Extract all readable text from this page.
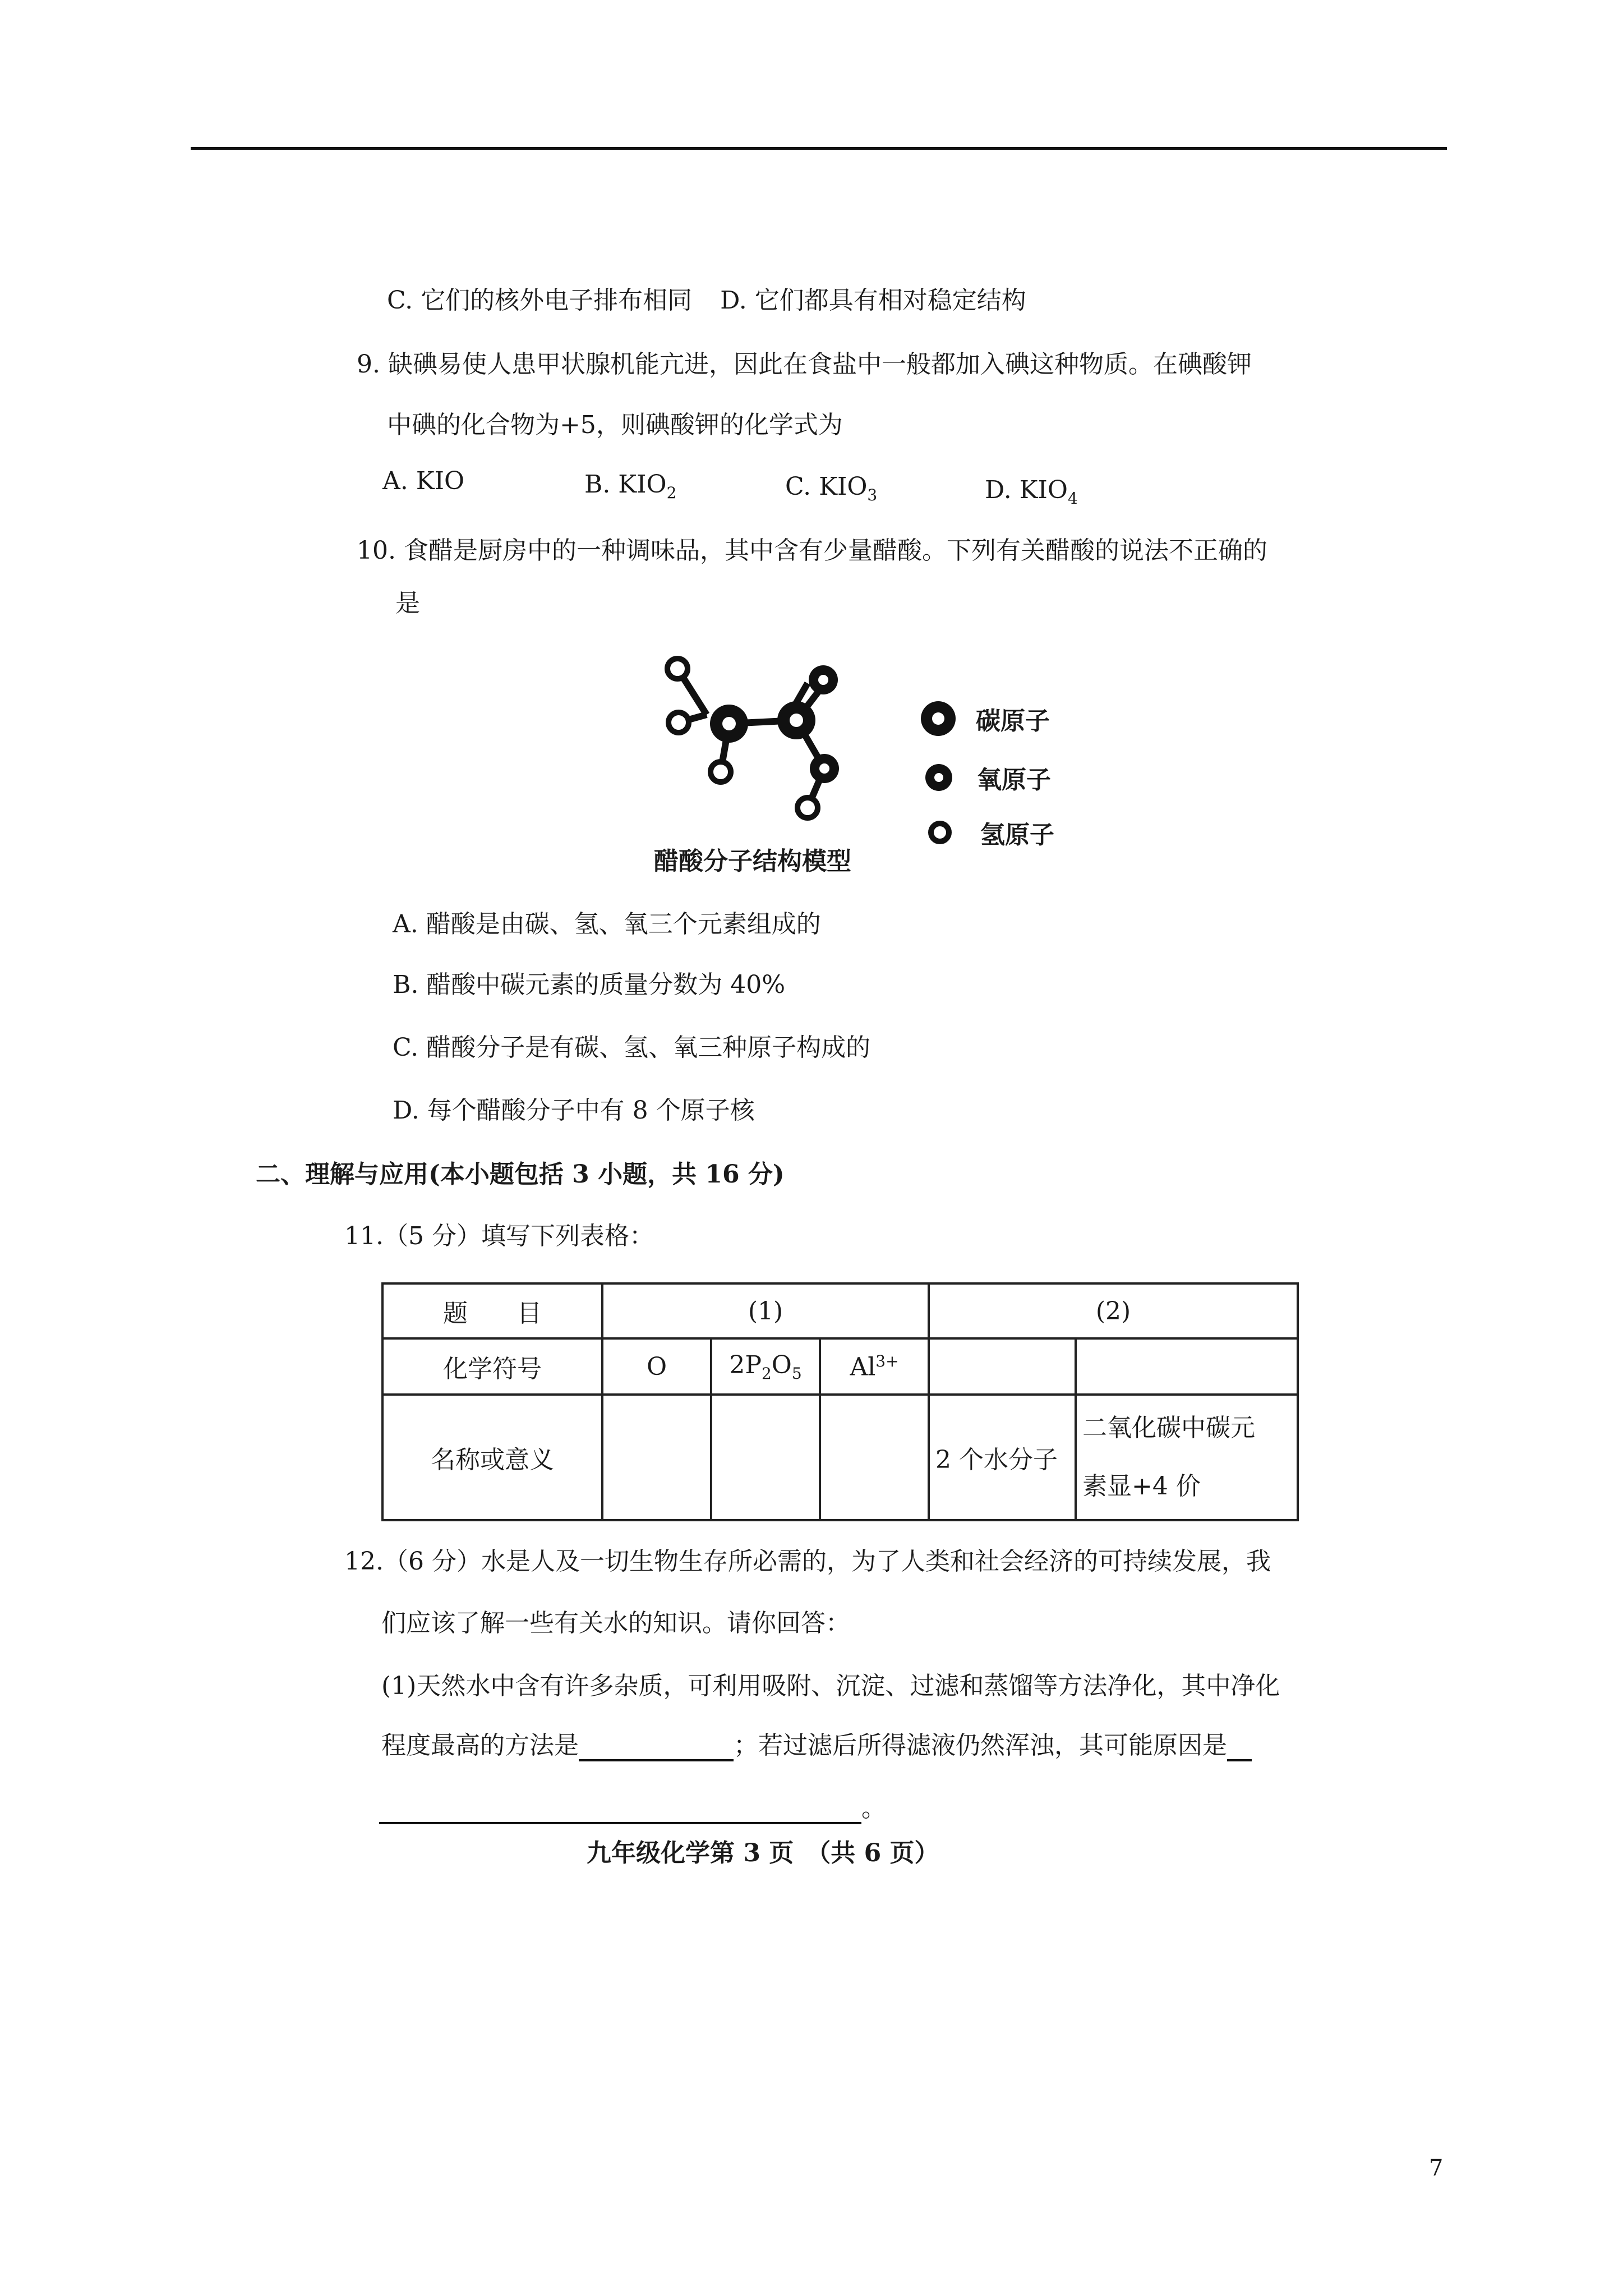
C. 它们的核外电子排布相同 D. 它们都具有相对稳定结构
9. 缺碘易使人患甲状腺机能亢进，因此在食盐中一般都加入碘这种物质。在碘酸钾
中碘的化合物为+5，则碘酸钾的化学式为
A. KIO	B. $KIO_2$	C. $KIO_3$	D. $KIO_4$
10. 食醋是厨房中的一种调味品，其中含有少量醋酸。下列有关醋酸的说法不正确的
是
碳原子
氧原子
氢原子
醋酸分子结构模型
A. 醋酸是由碳、氢、氧三个元素组成的
B. 醋酸中碳元素的质量分数为 40%
C. 醋酸分子是有碳、氢、氧三种原子构成的
D. 每个醋酸分子中有 8 个原子核
二、理解与应用(本小题包括 3 小题，共 16 分)
11.（5 分）填写下列表格：
题　　目	(1)			(2)	
化学符号	O	$2P_2O_5$	$Al^{3+}$		
名称或意义				2 个水分子	二氧化碳中碳元
素显+4 价
12.（6 分）水是人及一切生物生存所必需的，为了人类和社会经济的可持续发展，我
们应该了解一些有关水的知识。请你回答：
(1)天然水中含有许多杂质，可利用吸附、沉淀、过滤和蒸馏等方法净化，其中净化
程度最高的方法是	；若过滤后所得滤液仍然浑浊，其可能原因是
。
九年级化学第 3 页　（共 6 页）
7
